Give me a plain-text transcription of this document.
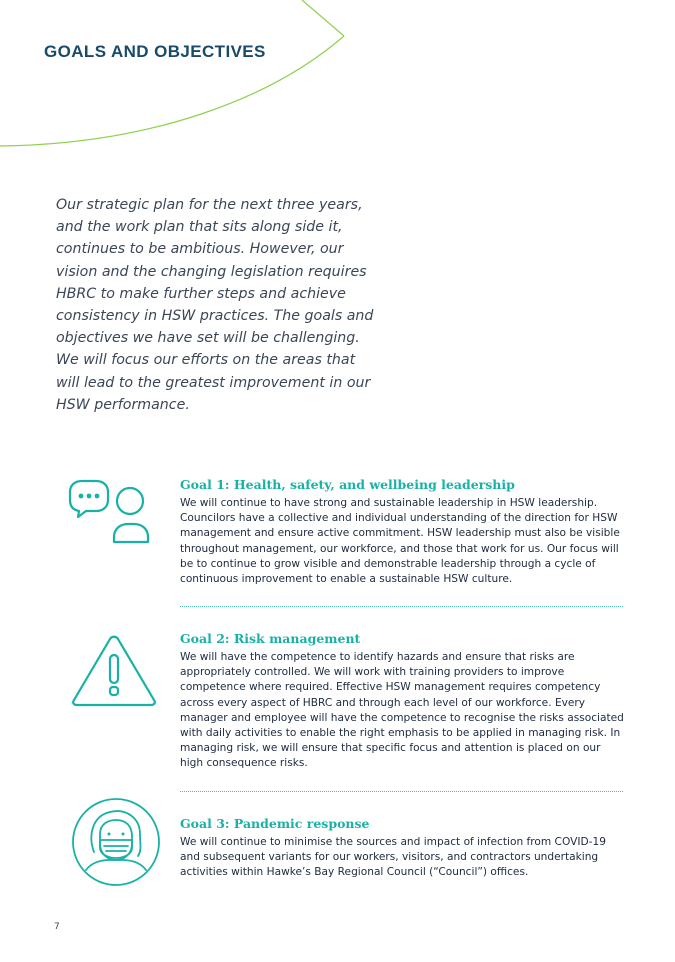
GOALS AND OBJECTIVES

Our strategic plan for the next three years, and the work plan that sits along side it, continues to be ambitious. However, our vision and the changing legislation requires HBRC to make further steps and achieve consistency in HSW practices. The goals and objectives we have set will be challenging. We will focus our efforts on the areas that will lead to the greatest improvement in our HSW performance.

Goal 1: Health, safety, and wellbeing leadership

We will continue to have strong and sustainable leadership in HSW leadership. Councilors have a collective and individual understanding of the direction for HSW management and ensure active commitment. HSW leadership must also be visible throughout management, our workforce, and those that work for us. Our focus will be to continue to grow visible and demonstrable leadership through a cycle of continuous improvement to enable a sustainable HSW culture.

Goal 2: Risk management

We will have the competence to identify hazards and ensure that risks are appropriately controlled. We will work with training providers to improve competence where required. Effective HSW management requires competency across every aspect of HBRC and through each level of our workforce. Every manager and employee will have the competence to recognise the risks associated with daily activities to enable the right emphasis to be applied in managing risk. In managing risk, we will ensure that specific focus and attention is placed on our high consequence risks.

Goal 3: Pandemic response

We will continue to minimise the sources and impact of infection from COVID-19 and subsequent variants for our workers, visitors, and contractors undertaking activities within Hawke’s Bay Regional Council (“Council”) offices.

7
